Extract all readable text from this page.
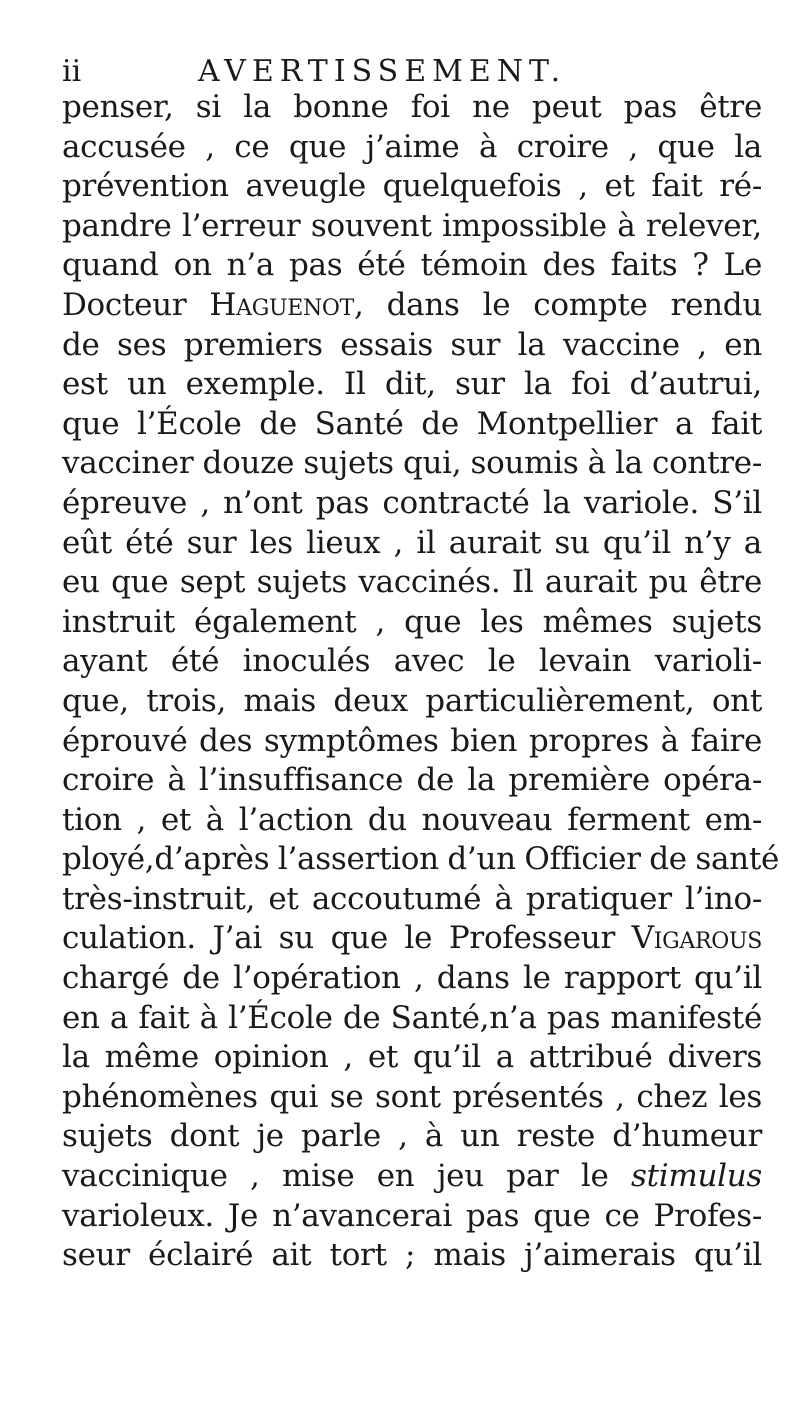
ii	AVERTISSEMENT.
penser, si la bonne foi ne peut pas être
accusée , ce que j’aime à croire , que la
prévention aveugle quelquefois , et fait ré-
pandre l’erreur souvent impossible à relever,
quand on n’a pas été témoin des faits ? Le
Docteur Haguenot, dans le compte rendu
de ses premiers essais sur la vaccine , en
est un exemple. Il dit, sur la foi d’autrui,
que l’École de Santé de Montpellier a fait
vacciner douze sujets qui, soumis à la contre-
épreuve , n’ont pas contracté la variole. S’il
eût été sur les lieux , il aurait su qu’il n’y a
eu que sept sujets vaccinés. Il aurait pu être
instruit également , que les mêmes sujets
ayant été inoculés avec le levain varioli-
que, trois, mais deux particulièrement, ont
éprouvé des symptômes bien propres à faire
croire à l’insuffisance de la première opéra-
tion , et à l’action du nouveau ferment em-
ployé,d’après l’assertion d’un Officier de santé
très-instruit, et accoutumé à pratiquer l’ino-
culation. J’ai su que le Professeur Vigarous
chargé de l’opération , dans le rapport qu’il
en a fait à l’École de Santé,n’a pas manifesté
la même opinion , et qu’il a attribué divers
phénomènes qui se sont présentés , chez les
sujets dont je parle , à un reste d’humeur
vaccinique , mise en jeu par le stimulus
varioleux. Je n’avancerai pas que ce Profes-
seur éclairé ait tort ; mais j’aimerais qu’il
